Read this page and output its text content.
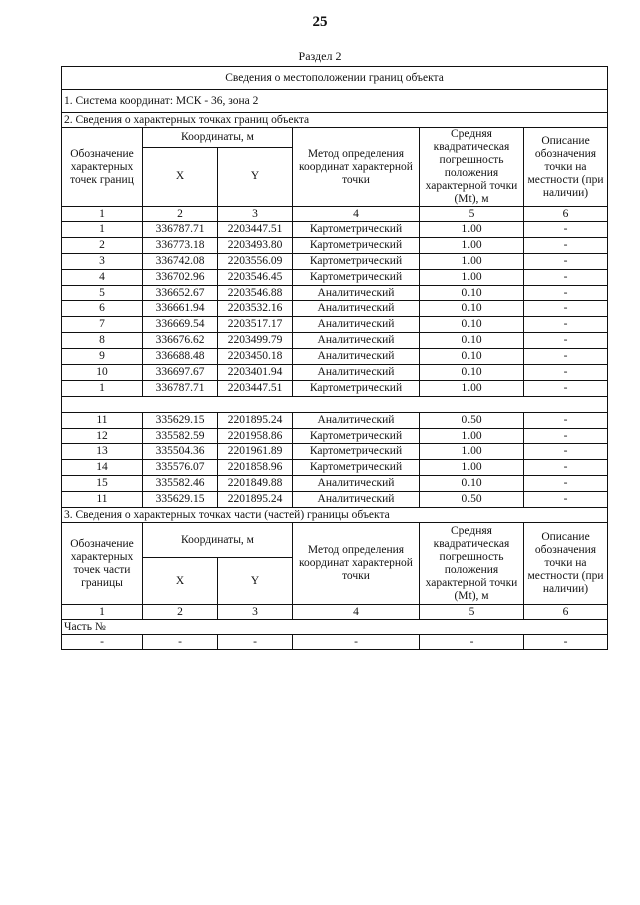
25
Раздел 2
Сведения о местоположении границ объекта					
1. Система координат: МСК - 36, зона 2					
2. Сведения о характерных точках границ объекта					
Обозначение характерных точек границ	Координаты, м		Метод определения координат характерной точки	Средняя квадратическая погрешность положения характерной точки (Mt), м	Описание обозначения точки на местности (при наличии)
	X	Y			
1	2	3	4	5	6
1	336787.71	2203447.51	Картометрический	1.00	-
2	336773.18	2203493.80	Картометрический	1.00	-
3	336742.08	2203556.09	Картометрический	1.00	-
4	336702.96	2203546.45	Картометрический	1.00	-
5	336652.67	2203546.88	Аналитический	0.10	-
6	336661.94	2203532.16	Аналитический	0.10	-
7	336669.54	2203517.17	Аналитический	0.10	-
8	336676.62	2203499.79	Аналитический	0.10	-
9	336688.48	2203450.18	Аналитический	0.10	-
10	336697.67	2203401.94	Аналитический	0.10	-
1	336787.71	2203447.51	Картометрический	1.00	-

11	335629.15	2201895.24	Аналитический	0.50	-
12	335582.59	2201958.86	Картометрический	1.00	-
13	335504.36	2201961.89	Картометрический	1.00	-
14	335576.07	2201858.96	Картометрический	1.00	-
15	335582.46	2201849.88	Аналитический	0.10	-
11	335629.15	2201895.24	Аналитический	0.50	-
3. Сведения о характерных точках части (частей) границы объекта					
Обозначение характерных точек части границы	Координаты, м		Метод определения координат характерной точки	Средняя квадратическая погрешность положения характерной точки (Mt), м	Описание обозначения точки на местности (при наличии)
	X	Y			
1	2	3	4	5	6
Часть №					
-	-	-	-	-	-
